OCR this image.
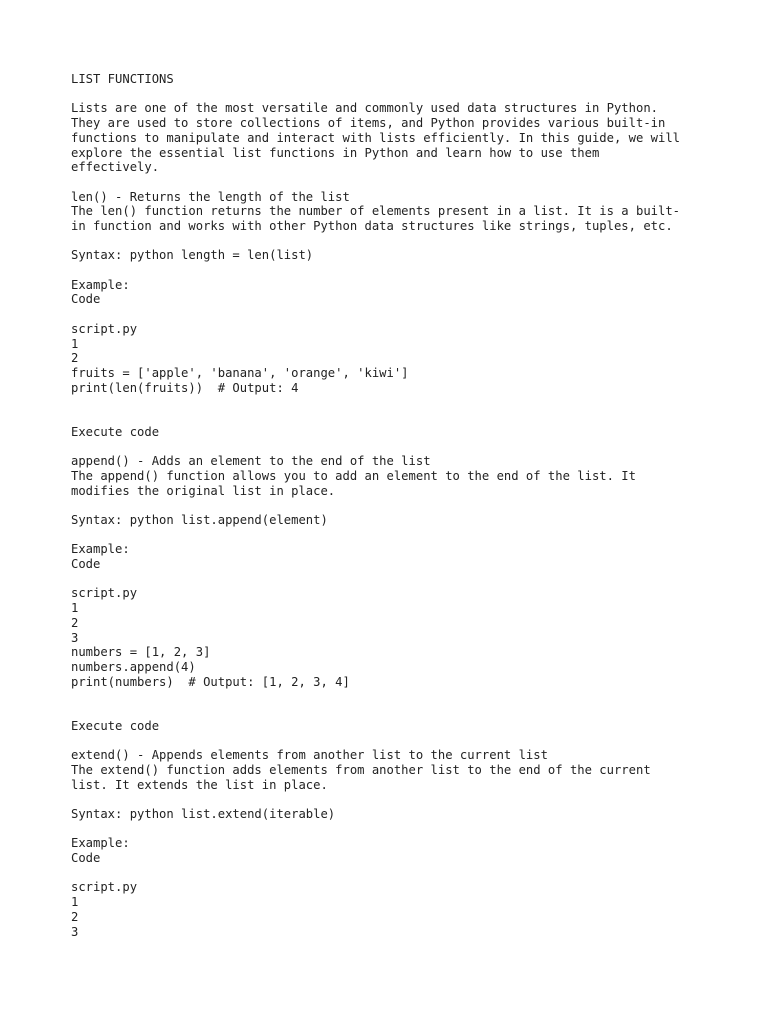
LIST FUNCTIONS
Lists are one of the most versatile and commonly used data structures in Python.
They are used to store collections of items, and Python provides various built-in
functions to manipulate and interact with lists efficiently. In this guide, we will
explore the essential list functions in Python and learn how to use them
effectively.
len() - Returns the length of the list
The len() function returns the number of elements present in a list. It is a built-
in function and works with other Python data structures like strings, tuples, etc.
Syntax: python length = len(list)
Example:
Code
script.py
1
2
fruits = ['apple', 'banana', 'orange', 'kiwi']
print(len(fruits))  # Output: 4
Execute code
append() - Adds an element to the end of the list
The append() function allows you to add an element to the end of the list. It
modifies the original list in place.
Syntax: python list.append(element)
Example:
Code
script.py
1
2
3
numbers = [1, 2, 3]
numbers.append(4)
print(numbers)  # Output: [1, 2, 3, 4]
Execute code
extend() - Appends elements from another list to the current list
The extend() function adds elements from another list to the end of the current
list. It extends the list in place.
Syntax: python list.extend(iterable)
Example:
Code
script.py
1
2
3
